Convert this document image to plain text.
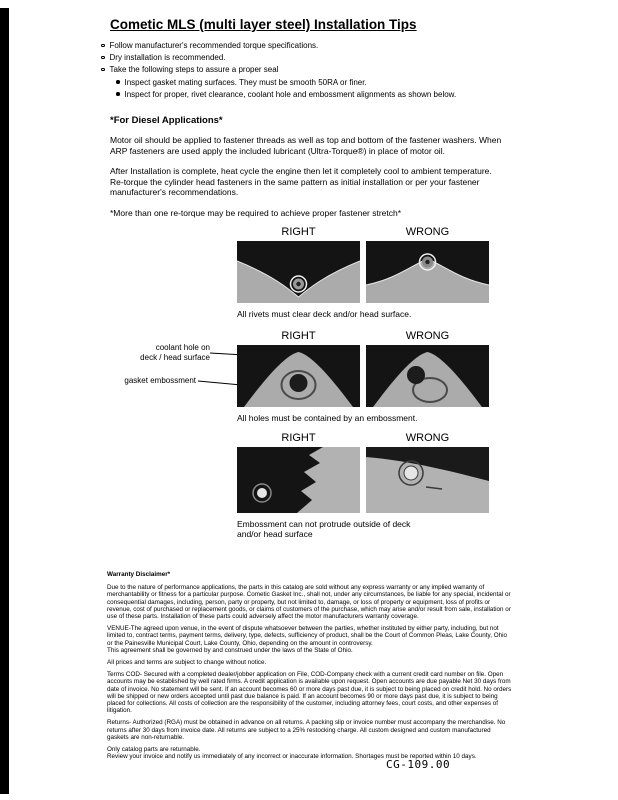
Cometic MLS (multi layer steel) Installation Tips
Follow manufacturer's recommended torque specifications.
Dry installation is recommended.
Take the following steps to assure a proper seal
Inspect gasket mating surfaces. They must be smooth 50RA or finer.
Inspect for proper, rivet clearance, coolant hole and embossment alignments as shown below.
*For Diesel Applications*

Motor oil should be applied to fastener threads as well as top and bottom of the fastener washers. When ARP fasteners are used apply the included lubricant (Ultra-Torque®) in place of motor oil.

After Installation is complete, heat cycle the engine then let it completely cool to ambient temperature. Re-torque the cylinder head fasteners in the same pattern as initial installation or per your fastener manufacturer's recommendations.

*More than one re-torque may be required to achieve proper fastener stretch*
RIGHT	WRONG
All rivets must clear deck and/or head surface.
coolant hole on
deck / head surface
gasket embossment
RIGHT	WRONG
All holes must be contained by an embossment.
RIGHT	WRONG
Embossment can not protrude outside of deck
and/or head surface
Warranty Disclaimer*

Due to the nature of performance applications, the parts in this catalog are sold without any express warranty or any implied warranty of merchantability or fitness for a particular purpose. Cometic Gasket Inc., shall not, under any circumstances, be liable for any special, incidental or consequential damages, including, person, party or property, but not limited to, damage, or loss of property or equipment, loss of profits or revenue, cost of purchased or replacement goods, or claims of customers of the purchase, which may arise and/or result from sale, installation or use of these parts. Installation of these parts could adversely affect the motor manufacturers warranty coverage.

VENUE-The agreed upon venue, in the event of dispute whatsoever between the parties, whether instituted by either party, including, but not limited to, contract terms, payment terms, delivery, type, defects, sufficiency of product, shall be the Court of Common Pleas, Lake County, Ohio or the Painesville Municipal Court, Lake County, Ohio, depending on the amount in controversy.

This agreement shall be governed by and construed under the laws of the State of Ohio.

All prices and terms are subject to change without notice.

Terms COD- Secured with a completed dealer/jobber application on File, COD-Company check with a current credit card number on file. Open accounts may be established by well rated firms. A credit application is available upon request. Open accounts are due payable Net 30 days from date of invoice. No statement will be sent. If an account becomes 60 or more days past due, it is subject to being placed on credit hold. No orders will be shipped or new orders accepted until past due balance is paid. If an account becomes 90 or more days past due, it is subject to being placed for collections. All costs of collection are the responsibility of the customer, including attorney fees, court costs, and other expenses of litigation.

Returns- Authorized (RGA) must be obtained in advance on all returns. A packing slip or invoice number must accompany the merchandise. No returns after 30 days from invoice date. All returns are subject to a 25% restocking charge. All custom designed and custom manufactured gaskets are non-returnable.

Only catalog parts are returnable.

Review your invoice and notify us immediately of any incorrect or inaccurate information. Shortages must be reported within 10 days.

CG-109.00
